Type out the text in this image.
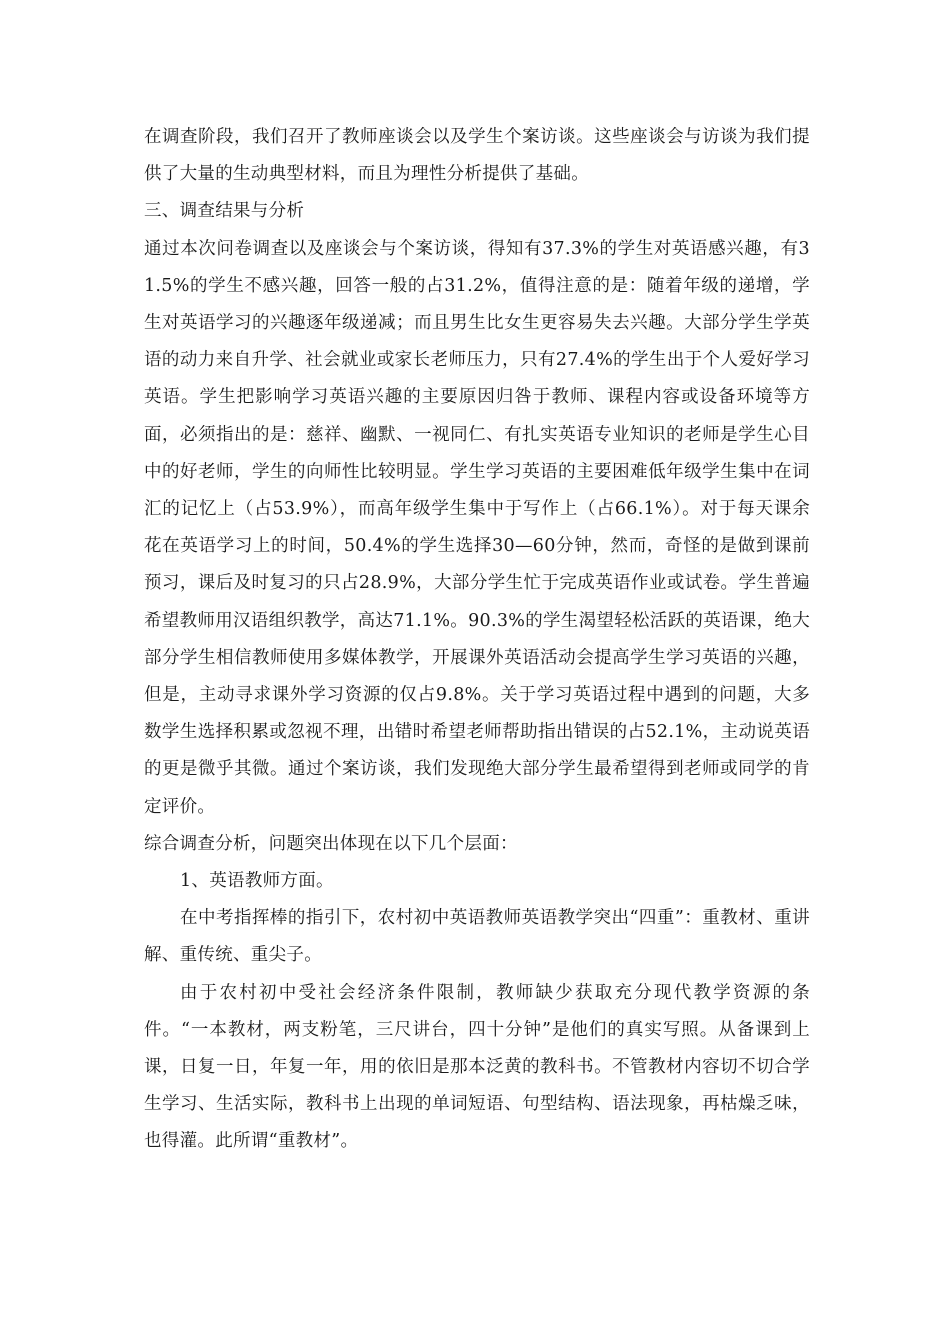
在调查阶段，我们召开了教师座谈会以及学生个案访谈。这些座谈会与访谈为我们提供了大量的生动典型材料，而且为理性分析提供了基础。

三、调查结果与分析

通过本次问卷调查以及座谈会与个案访谈，得知有37.3%的学生对英语感兴趣，有31.5%的学生不感兴趣，回答一般的占31.2%，值得注意的是：随着年级的递增，学生对英语学习的兴趣逐年级递减；而且男生比女生更容易失去兴趣。大部分学生学英语的动力来自升学、社会就业或家长老师压力，只有27.4%的学生出于个人爱好学习英语。学生把影响学习英语兴趣的主要原因归咎于教师、课程内容或设备环境等方面，必须指出的是：慈祥、幽默、一视同仁、有扎实英语专业知识的老师是学生心目中的好老师，学生的向师性比较明显。学生学习英语的主要困难低年级学生集中在词汇的记忆上（占53.9%），而高年级学生集中于写作上（占66.1%）。对于每天课余花在英语学习上的时间，50.4%的学生选择30—60分钟，然而，奇怪的是做到课前预习，课后及时复习的只占28.9%，大部分学生忙于完成英语作业或试卷。学生普遍希望教师用汉语组织教学，高达71.1%。90.3%的学生渴望轻松活跃的英语课，绝大部分学生相信教师使用多媒体教学，开展课外英语活动会提高学生学习英语的兴趣，但是，主动寻求课外学习资源的仅占9.8%。关于学习英语过程中遇到的问题，大多数学生选择积累或忽视不理，出错时希望老师帮助指出错误的占52.1%，主动说英语的更是微乎其微。通过个案访谈，我们发现绝大部分学生最希望得到老师或同学的肯定评价。

综合调查分析，问题突出体现在以下几个层面：

1、英语教师方面。

在中考指挥棒的指引下，农村初中英语教师英语教学突出“四重”：重教材、重讲解、重传统、重尖子。

由于农村初中受社会经济条件限制，教师缺少获取充分现代教学资源的条件。“一本教材，两支粉笔，三尺讲台，四十分钟”是他们的真实写照。从备课到上课，日复一日，年复一年，用的依旧是那本泛黄的教科书。不管教材内容切不切合学生学习、生活实际，教科书上出现的单词短语、句型结构、语法现象，再枯燥乏味，也得灌。此所谓“重教材”。
